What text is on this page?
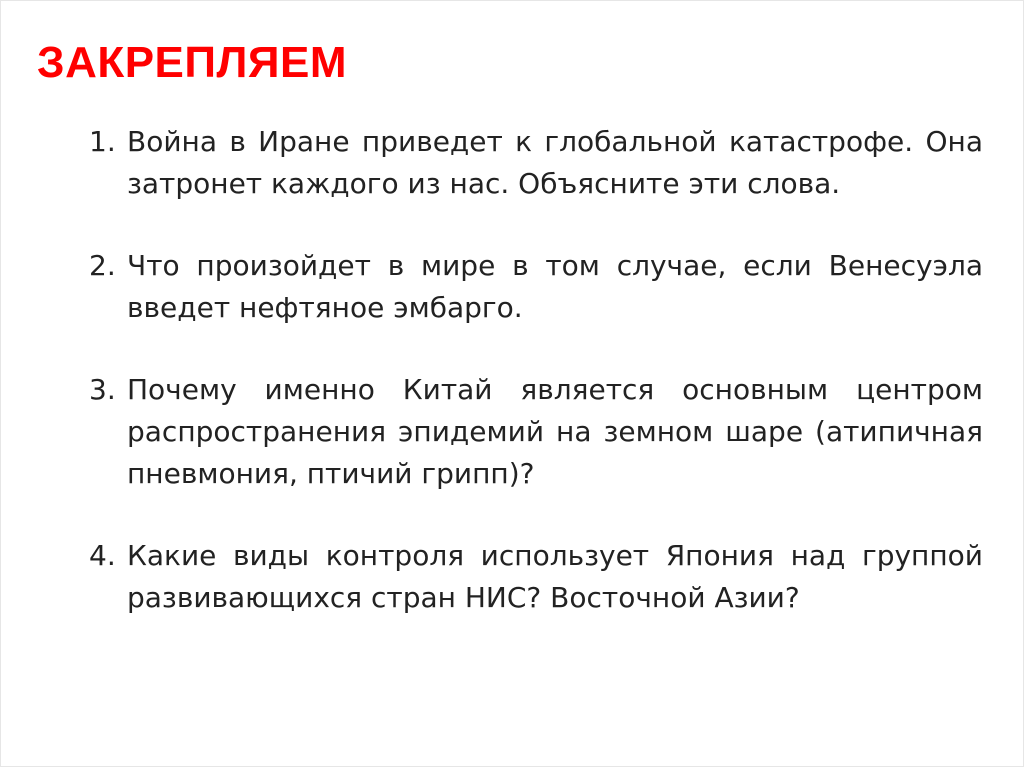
ЗАКРЕПЛЯЕМ
1. Война в Иране приведет к глобальной катастрофе. Она затронет каждого из нас. Объясните эти слова.
2. Что произойдет в мире в том случае, если Венесуэла введет нефтяное эмбарго.
3. Почему именно Китай является основным центром распространения эпидемий на земном шаре (атипичная пневмония, птичий грипп)?
4. Какие виды контроля использует Япония над группой развивающихся стран НИС? Восточной Азии?
